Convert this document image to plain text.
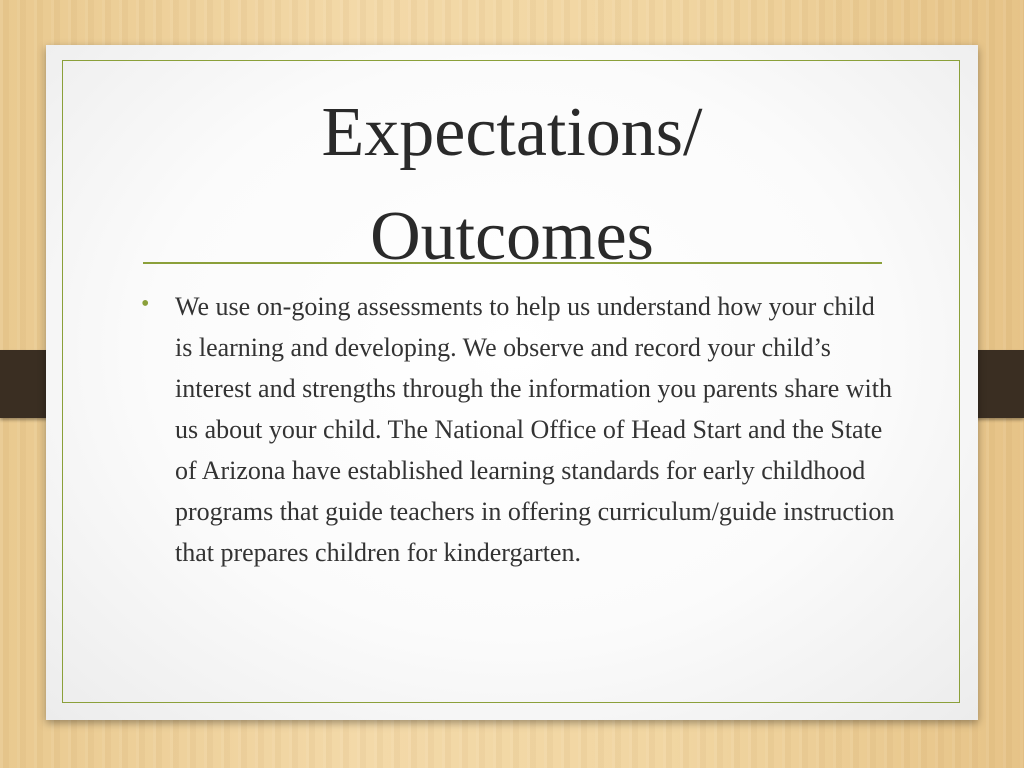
Expectations/
Outcomes
• We use on-going assessments to help us understand how your child is learning and developing. We observe and record your child’s interest and strengths through the information you parents share with us about your child. The National Office of Head Start and the State of Arizona have established learning standards for early childhood programs that guide teachers in offering curriculum/guide instruction that prepares children for kindergarten.
